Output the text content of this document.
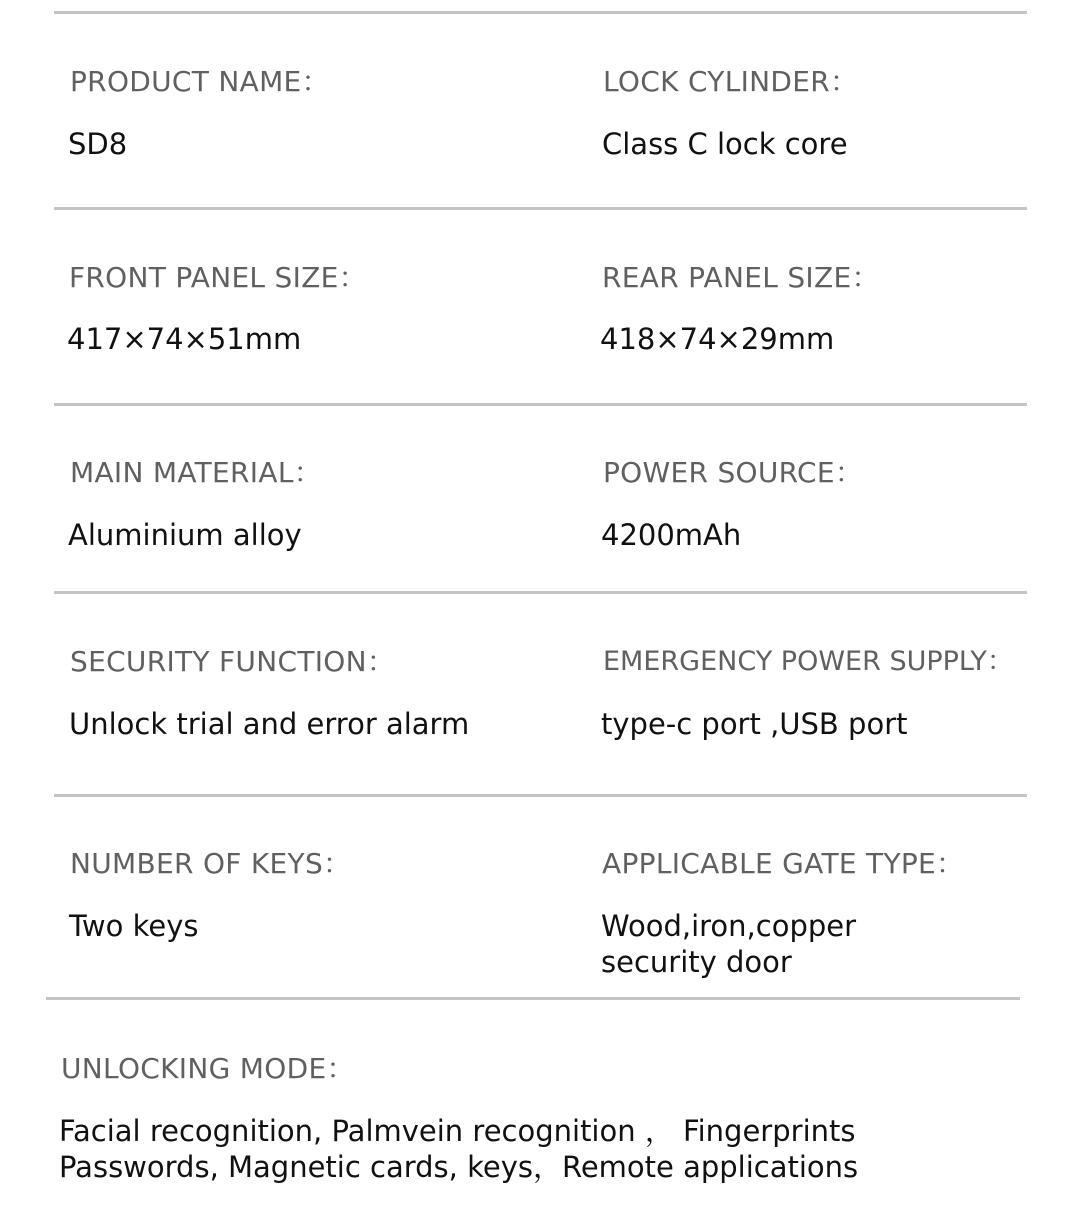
PRODUCT NAME：
SD8
LOCK CYLINDER：
Class C lock core
FRONT PANEL SIZE：
417×74×51mm
REAR PANEL SIZE：
418×74×29mm
MAIN MATERIAL：
Aluminium alloy
POWER SOURCE：
4200mAh
SECURITY FUNCTION：
Unlock trial and error alarm
EMERGENCY POWER SUPPLY：
type-c port ,USB port
NUMBER OF KEYS：
Two keys
APPLICABLE GATE TYPE：
Wood,iron,copper
security door
UNLOCKING MODE：
Facial recognition, Palmvein recognition ， Fingerprints
Passwords, Magnetic cards, keys，Remote applications
